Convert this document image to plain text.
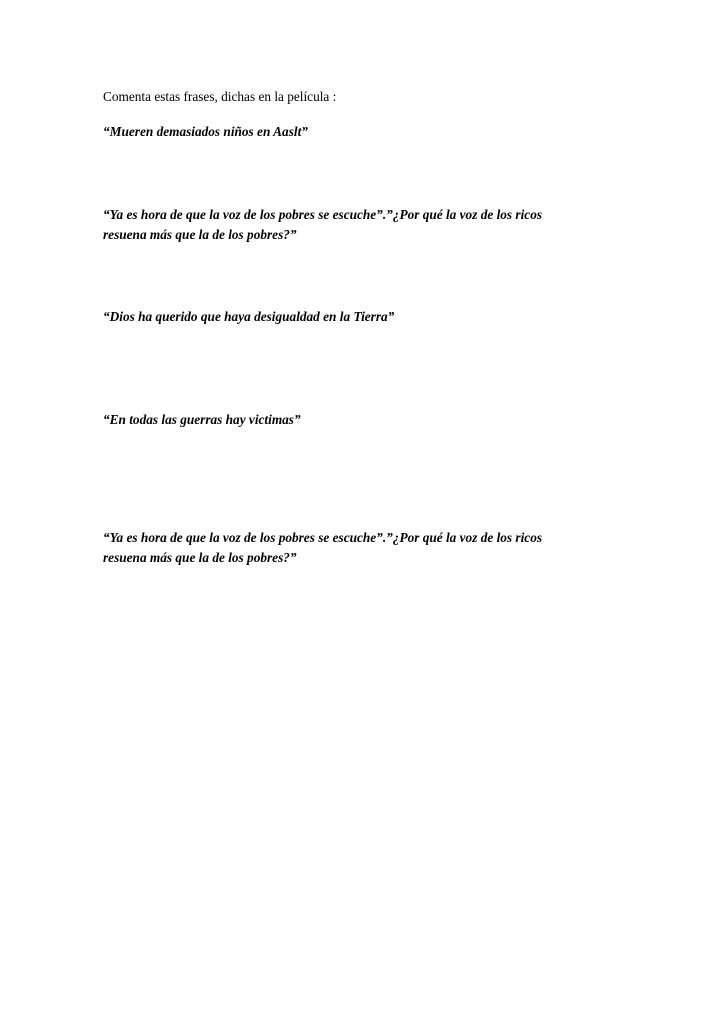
Comenta estas frases, dichas en la película :
“Mueren demasiados niños en Aaslt”
“Ya es hora de que la voz de los pobres se escuche”.”¿Por qué la voz de los ricos
resuena más que la de los pobres?”
“Dios ha querido que haya desigualdad en la Tierra”
“En todas las guerras hay victimas”
“Ya es hora de que la voz de los pobres se escuche”.”¿Por qué la voz de los ricos
resuena más que la de los pobres?”
